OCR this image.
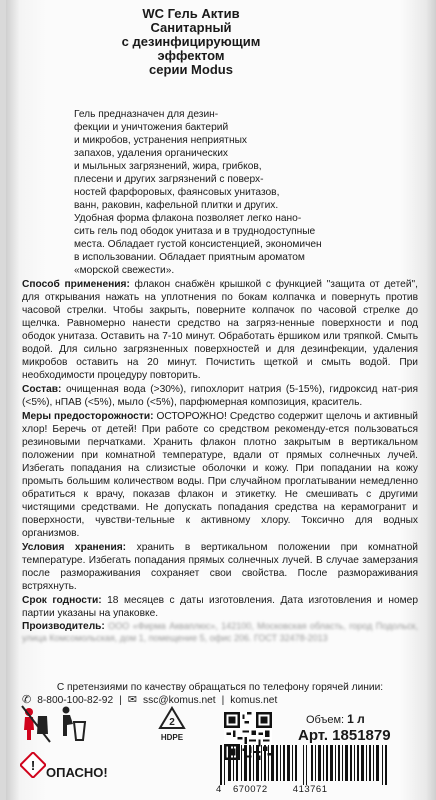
WC Гель Актив
Санитарный
с дезинфицирующим
эффектом
серии Modus
Гель предназначен для дезин-
фекции и уничтожения бактерий
и микробов, устранения неприятных
запахов, удаления органических
и мыльных загрязнений, жира, грибков,
плесени и других загрязнений с поверх-
ностей фарфоровых, фаянсовых унитазов,
ванн, раковин, кафельной плитки и других.
Удобная форма флакона позволяет легко нано-
сить гель под ободок унитаза и в труднодоступные
места. Обладает густой консистенцией, экономичен
в использовании. Обладает приятным ароматом
«морской свежести».

Способ применения: флакон снабжён крышкой с функцией "защита от детей", для открывания нажать на уплотнения по бокам колпачка и повернуть против часовой стрелки. Чтобы закрыть, поверните колпачок по часовой стрелке до щелчка. Равномерно нанести средство на загряз-ненные поверхности и под ободок унитаза. Оставить на 7-10 минут. Обработать ёршиком или тряпкой. Смыть водой. Для сильно загрязненных поверхностей и для дезинфекции, удаления микробов оставить на 20 минут. Почистить щеткой и смыть водой. При необходимости процедуру повторить.

Состав: очищенная вода (>30%), гипохлорит натрия (5-15%), гидроксид нат-рия (<5%), нПАВ (<5%), мыло (<5%), парфюмерная композиция, краситель.

Меры предосторожности: ОСТОРОЖНО! Средство содержит щелочь и активный хлор! Беречь от детей! При работе со средством рекоменду-ется пользоваться резиновыми перчатками. Хранить флакон плотно закрытым в вертикальном положении при комнатной температуре, вдали от прямых солнечных лучей. Избегать попадания на слизистые оболочки и кожу. При попадании на кожу промыть большим количеством воды. При случайном проглатывании немедленно обратиться к врачу, показав флакон и этикетку. Не смешивать с другими чистящими средствами. Не допускать попадания средства на керамогранит и поверхности, чувстви-тельные к активному хлору. Токсично для водных организмов.

Условия хранения: хранить в вертикальном положении при комнатной температуре. Избегать попадания прямых солнечных лучей. В случае замерзания после размораживания сохраняет свои свойства. После размораживания встряхнуть.

Срок годности: 18 месяцев с даты изготовления. Дата изготовления и номер партии указаны на упаковке.

Производитель: ООО «Фирма Акваплюс», 142100, Московская область, город Подольск, улица Комсомольская, дом 1, помещение 5, офис 206. ГОСТ 32478-2013

С претензиями по качеству обращаться по телефону горячей линии:
✆ 8-800-100-82-92 | ✉ ssc@komus.net | komus.net
2
HDPE
Объем: 1 л
Арт. 1851879
! ОПАСНО!
4 670072	413761
